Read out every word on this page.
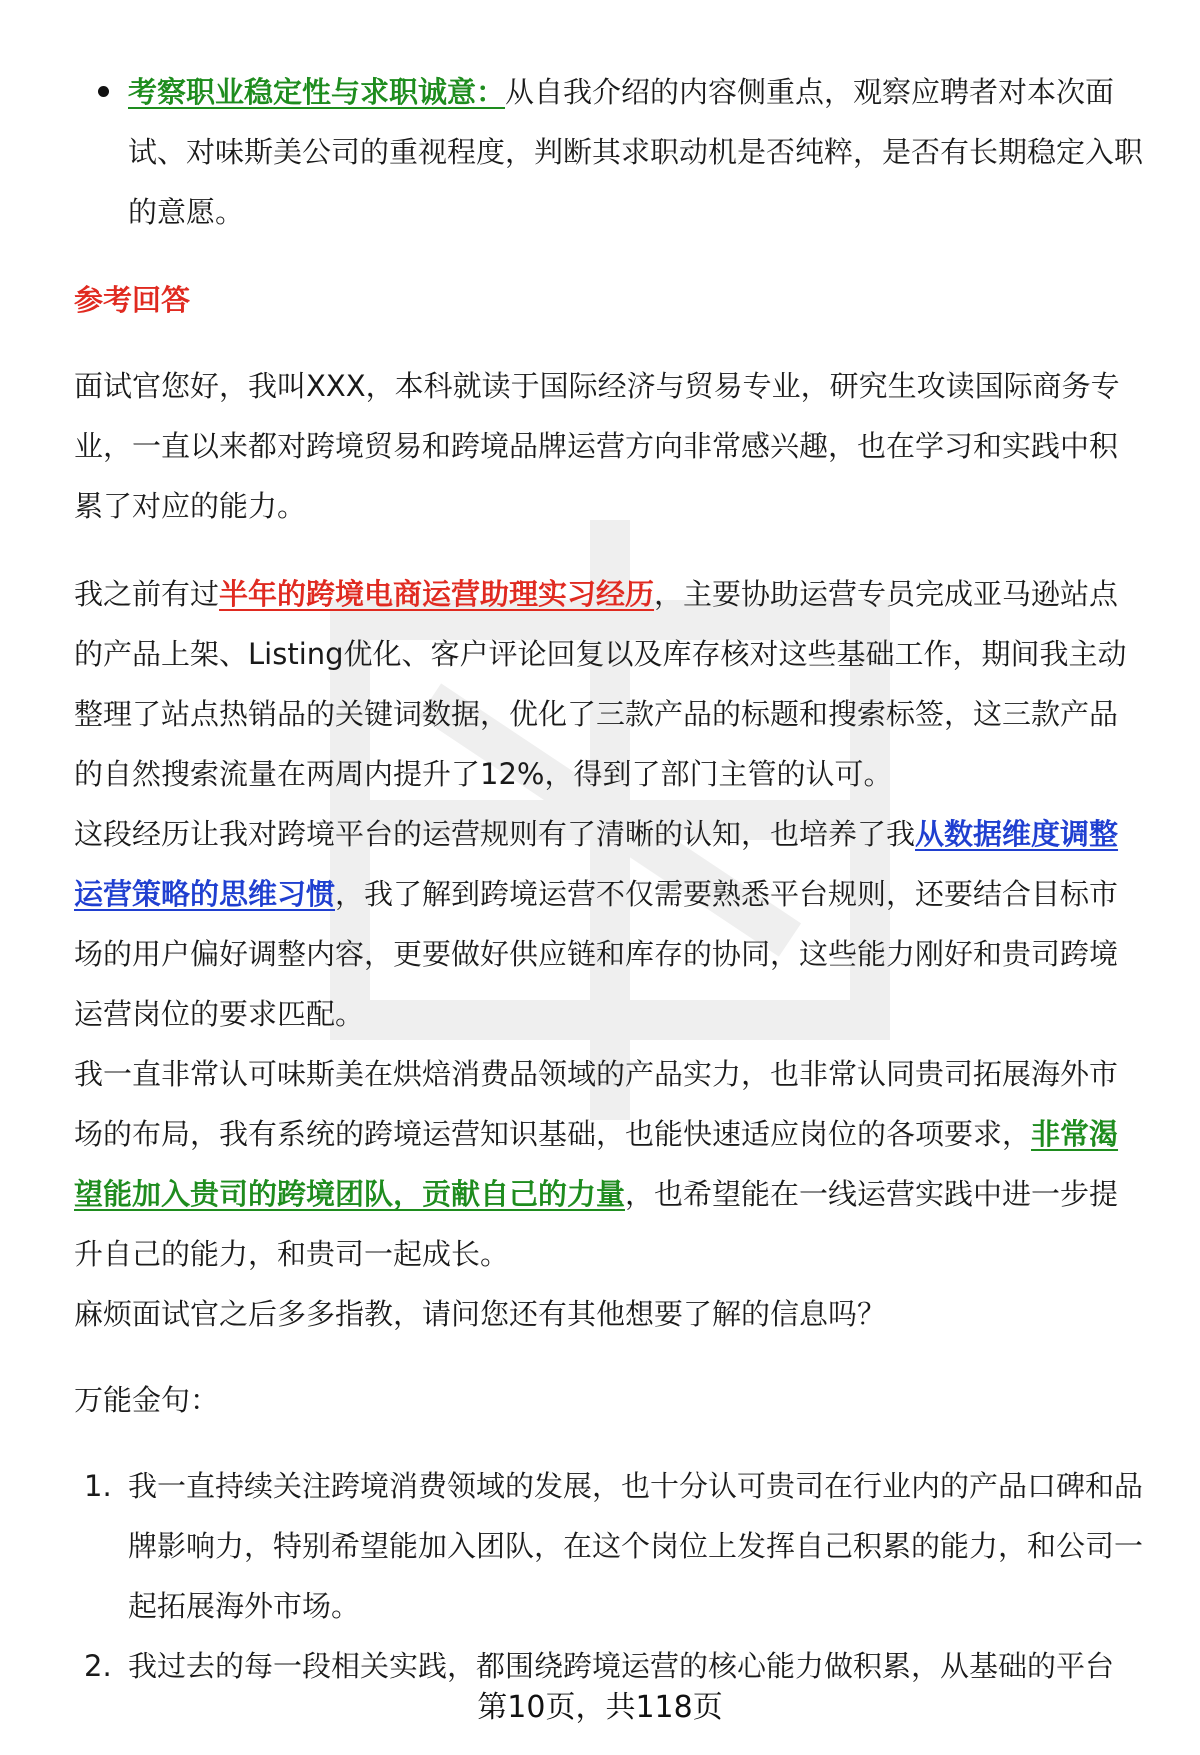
考察职业稳定性与求职诚意：从自我介绍的内容侧重点，观察应聘者对本次面试、对味斯美公司的重视程度，判断其求职动机是否纯粹，是否有长期稳定入职的意愿。

参考回答

面试官您好，我叫XXX，本科就读于国际经济与贸易专业，研究生攻读国际商务专业，一直以来都对跨境贸易和跨境品牌运营方向非常感兴趣，也在学习和实践中积累了对应的能力。

我之前有过半年的跨境电商运营助理实习经历，主要协助运营专员完成亚马逊站点的产品上架、Listing优化、客户评论回复以及库存核对这些基础工作，期间我主动整理了站点热销品的关键词数据，优化了三款产品的标题和搜索标签，这三款产品的自然搜索流量在两周内提升了12%，得到了部门主管的认可。

这段经历让我对跨境平台的运营规则有了清晰的认知，也培养了我从数据维度调整运营策略的思维习惯，我了解到跨境运营不仅需要熟悉平台规则，还要结合目标市场的用户偏好调整内容，更要做好供应链和库存的协同，这些能力刚好和贵司跨境运营岗位的要求匹配。

我一直非常认可味斯美在烘焙消费品领域的产品实力，也非常认同贵司拓展海外市场的布局，我有系统的跨境运营知识基础，也能快速适应岗位的各项要求，非常渴望能加入贵司的跨境团队，贡献自己的力量，也希望能在一线运营实践中进一步提升自己的能力，和贵司一起成长。

麻烦面试官之后多多指教，请问您还有其他想要了解的信息吗？

万能金句：

1. 我一直持续关注跨境消费领域的发展，也十分认可贵司在行业内的产品口碑和品牌影响力，特别希望能加入团队，在这个岗位上发挥自己积累的能力，和公司一起拓展海外市场。
2. 我过去的每一段相关实践，都围绕跨境运营的核心能力做积累，从基础的平台
第10页，共118页
